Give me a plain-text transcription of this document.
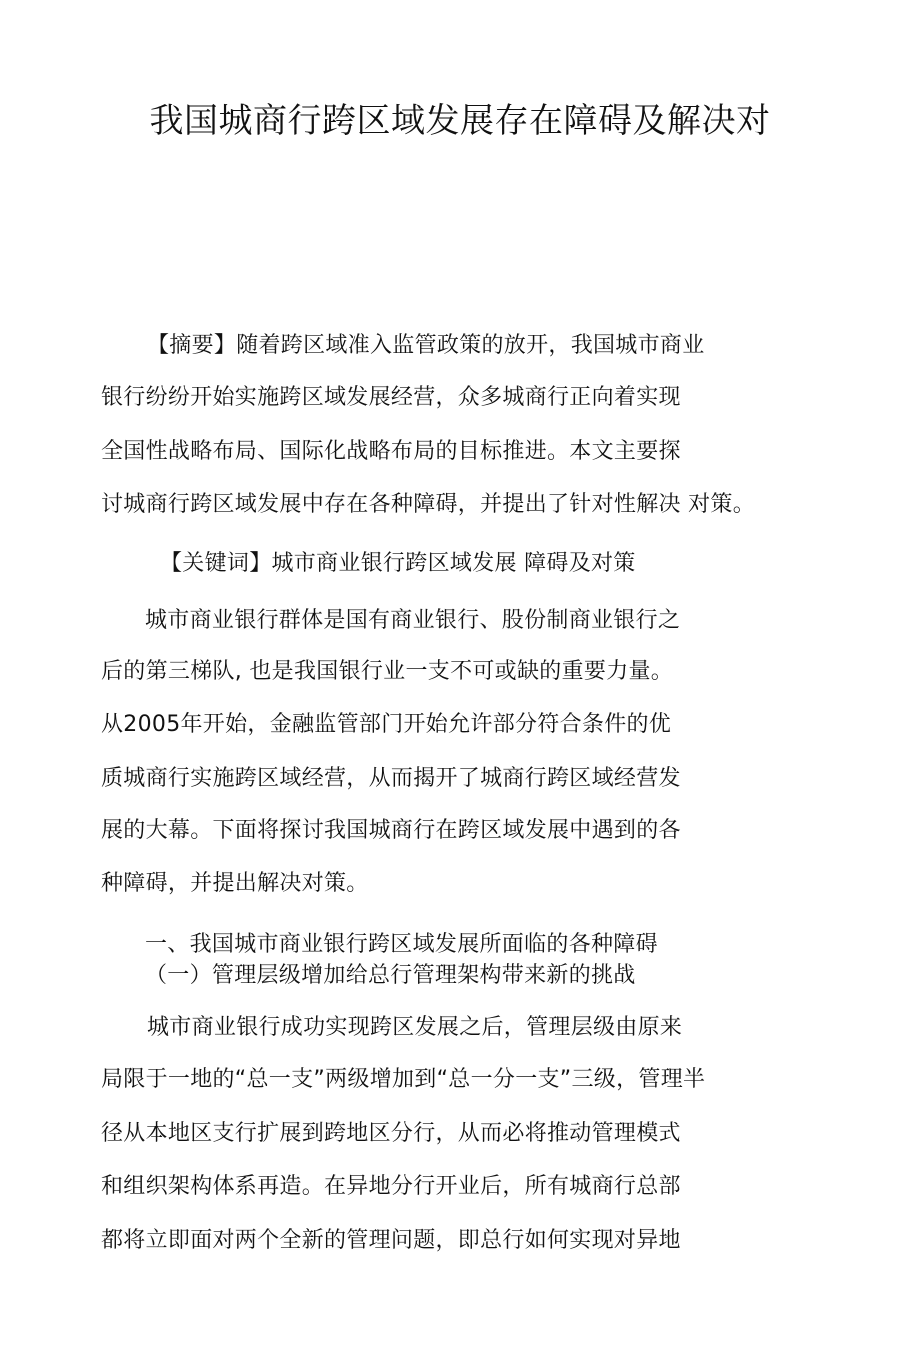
我国城商行跨区域发展存在障碍及解决对
【摘要】随着跨区域准入监管政策的放开，我国城市商业
银行纷纷开始实施跨区域发展经营，众多城商行正向着实现
全国性战略布局、国际化战略布局的目标推进。本文主要探
讨城商行跨区域发展中存在各种障碍，并提出了针对性解决 对策。
【关键词】城市商业银行跨区域发展 障碍及对策
城市商业银行群体是国有商业银行、股份制商业银行之
后的第三梯队, 也是我国银行业一支不可或缺的重要力量。
从2005年开始，金融监管部门开始允许部分符合条件的优
质城商行实施跨区域经营，从而揭开了城商行跨区域经营发
展的大幕。下面将探讨我国城商行在跨区域发展中遇到的各
种障碍，并提出解决对策。
一、我国城市商业银行跨区域发展所面临的各种障碍
（一）管理层级增加给总行管理架构带来新的挑战
城市商业银行成功实现跨区发展之后，管理层级由原来
局限于一地的“总一支”两级增加到“总一分一支”三级，管理半
径从本地区支行扩展到跨地区分行，从而必将推动管理模式
和组织架构体系再造。在异地分行开业后，所有城商行总部
都将立即面对两个全新的管理问题，即总行如何实现对异地
